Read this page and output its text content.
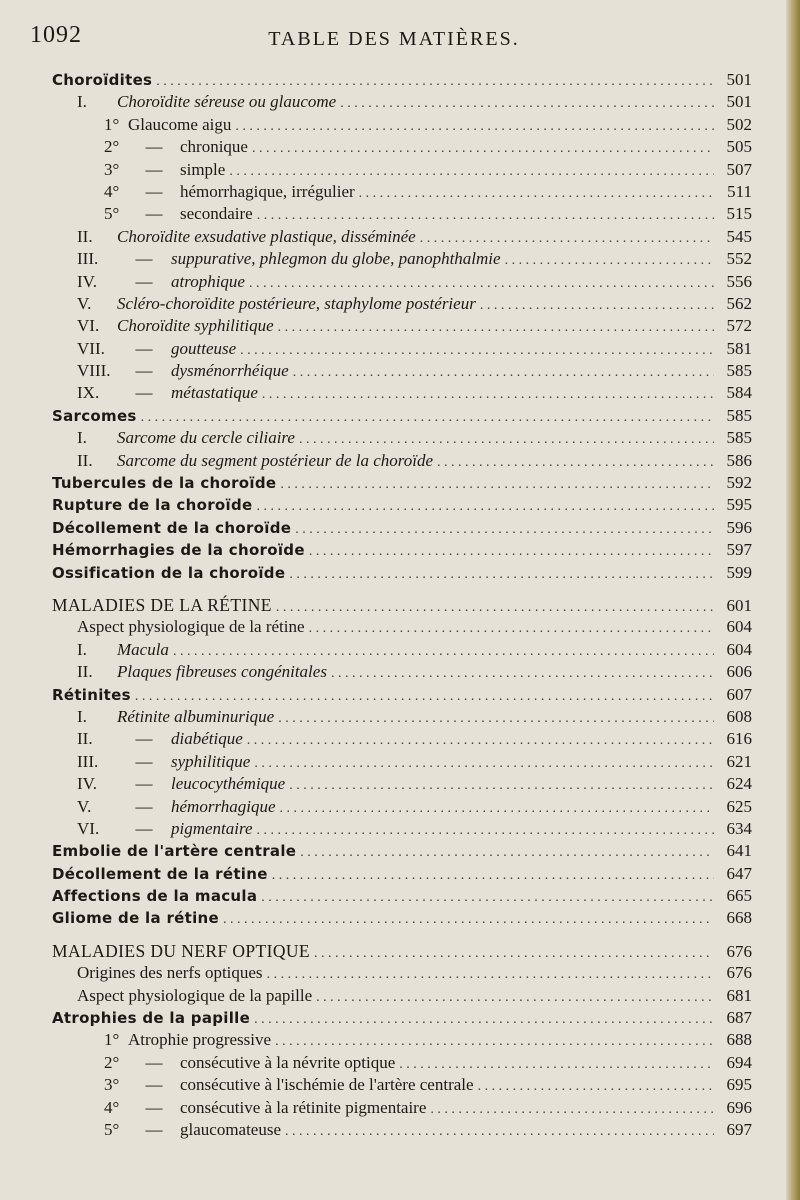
1092	TABLE DES MATIÈRES.
Choroïdites . . .	501
I.	Choroïdite séreuse ou glaucome . . .	501
1° Glaucome aigu . . .	502
2°	—	chronique . . .	505
3°	—	simple . . .	507
4°	—	hémorrhagique, irrégulier . . .	511
5°	—	secondaire . . .	515
II.	Choroïdite exsudative plastique, disséminée . . .	545
III.	—	suppurative, phlegmon du globe, panophthalmie . . .	552
IV.	—	atrophique . . .	556
V.	Scléro-choroïdite postérieure, staphylome postérieur . . .	562
VI.	Choroïdite syphilitique . . .	572
VII.	—	goutteuse . . .	581
VIII.	—	dysménorrhéique . . .	585
IX.	—	métastatique . . .	584
Sarcomes . . .	585
I.	Sarcome du cercle ciliaire . . .	585
II.	Sarcome du segment postérieur de la choroïde . . .	586
Tubercules de la choroïde . . .	592
Rupture de la choroïde . . .	595
Décollement de la choroïde . . .	596
Hémorrhagies de la choroïde . . .	597
Ossification de la choroïde . . .	599
MALADIES DE LA RÉTINE . . .	601
Aspect physiologique de la rétine . . .	604
I.	Macula . . .	604
II.	Plaques fibreuses congénitales . . .	606
Rétinites . . .	607
I.	Rétinite albuminurique . . .	608
II.	—	diabétique . . .	616
III.	—	syphilitique . . .	621
IV.	—	leucocythémique . . .	624
V.	—	hémorrhagique . . .	625
VI.	—	pigmentaire . . .	634
Embolie de l'artère centrale . . .	641
Décollement de la rétine . . .	647
Affections de la macula . . .	665
Gliome de la rétine . . .	668
MALADIES DU NERF OPTIQUE . . .	676
Origines des nerfs optiques . . .	676
Aspect physiologique de la papille . . .	681
Atrophies de la papille . . .	687
1° Atrophie progressive . . .	688
2°	—	consécutive à la névrite optique . . .	694
3°	—	consécutive à l'ischémie de l'artère centrale . . .	695
4°	—	consécutive à la rétinite pigmentaire . . .	696
5°	—	glaucomateuse . . .	697
